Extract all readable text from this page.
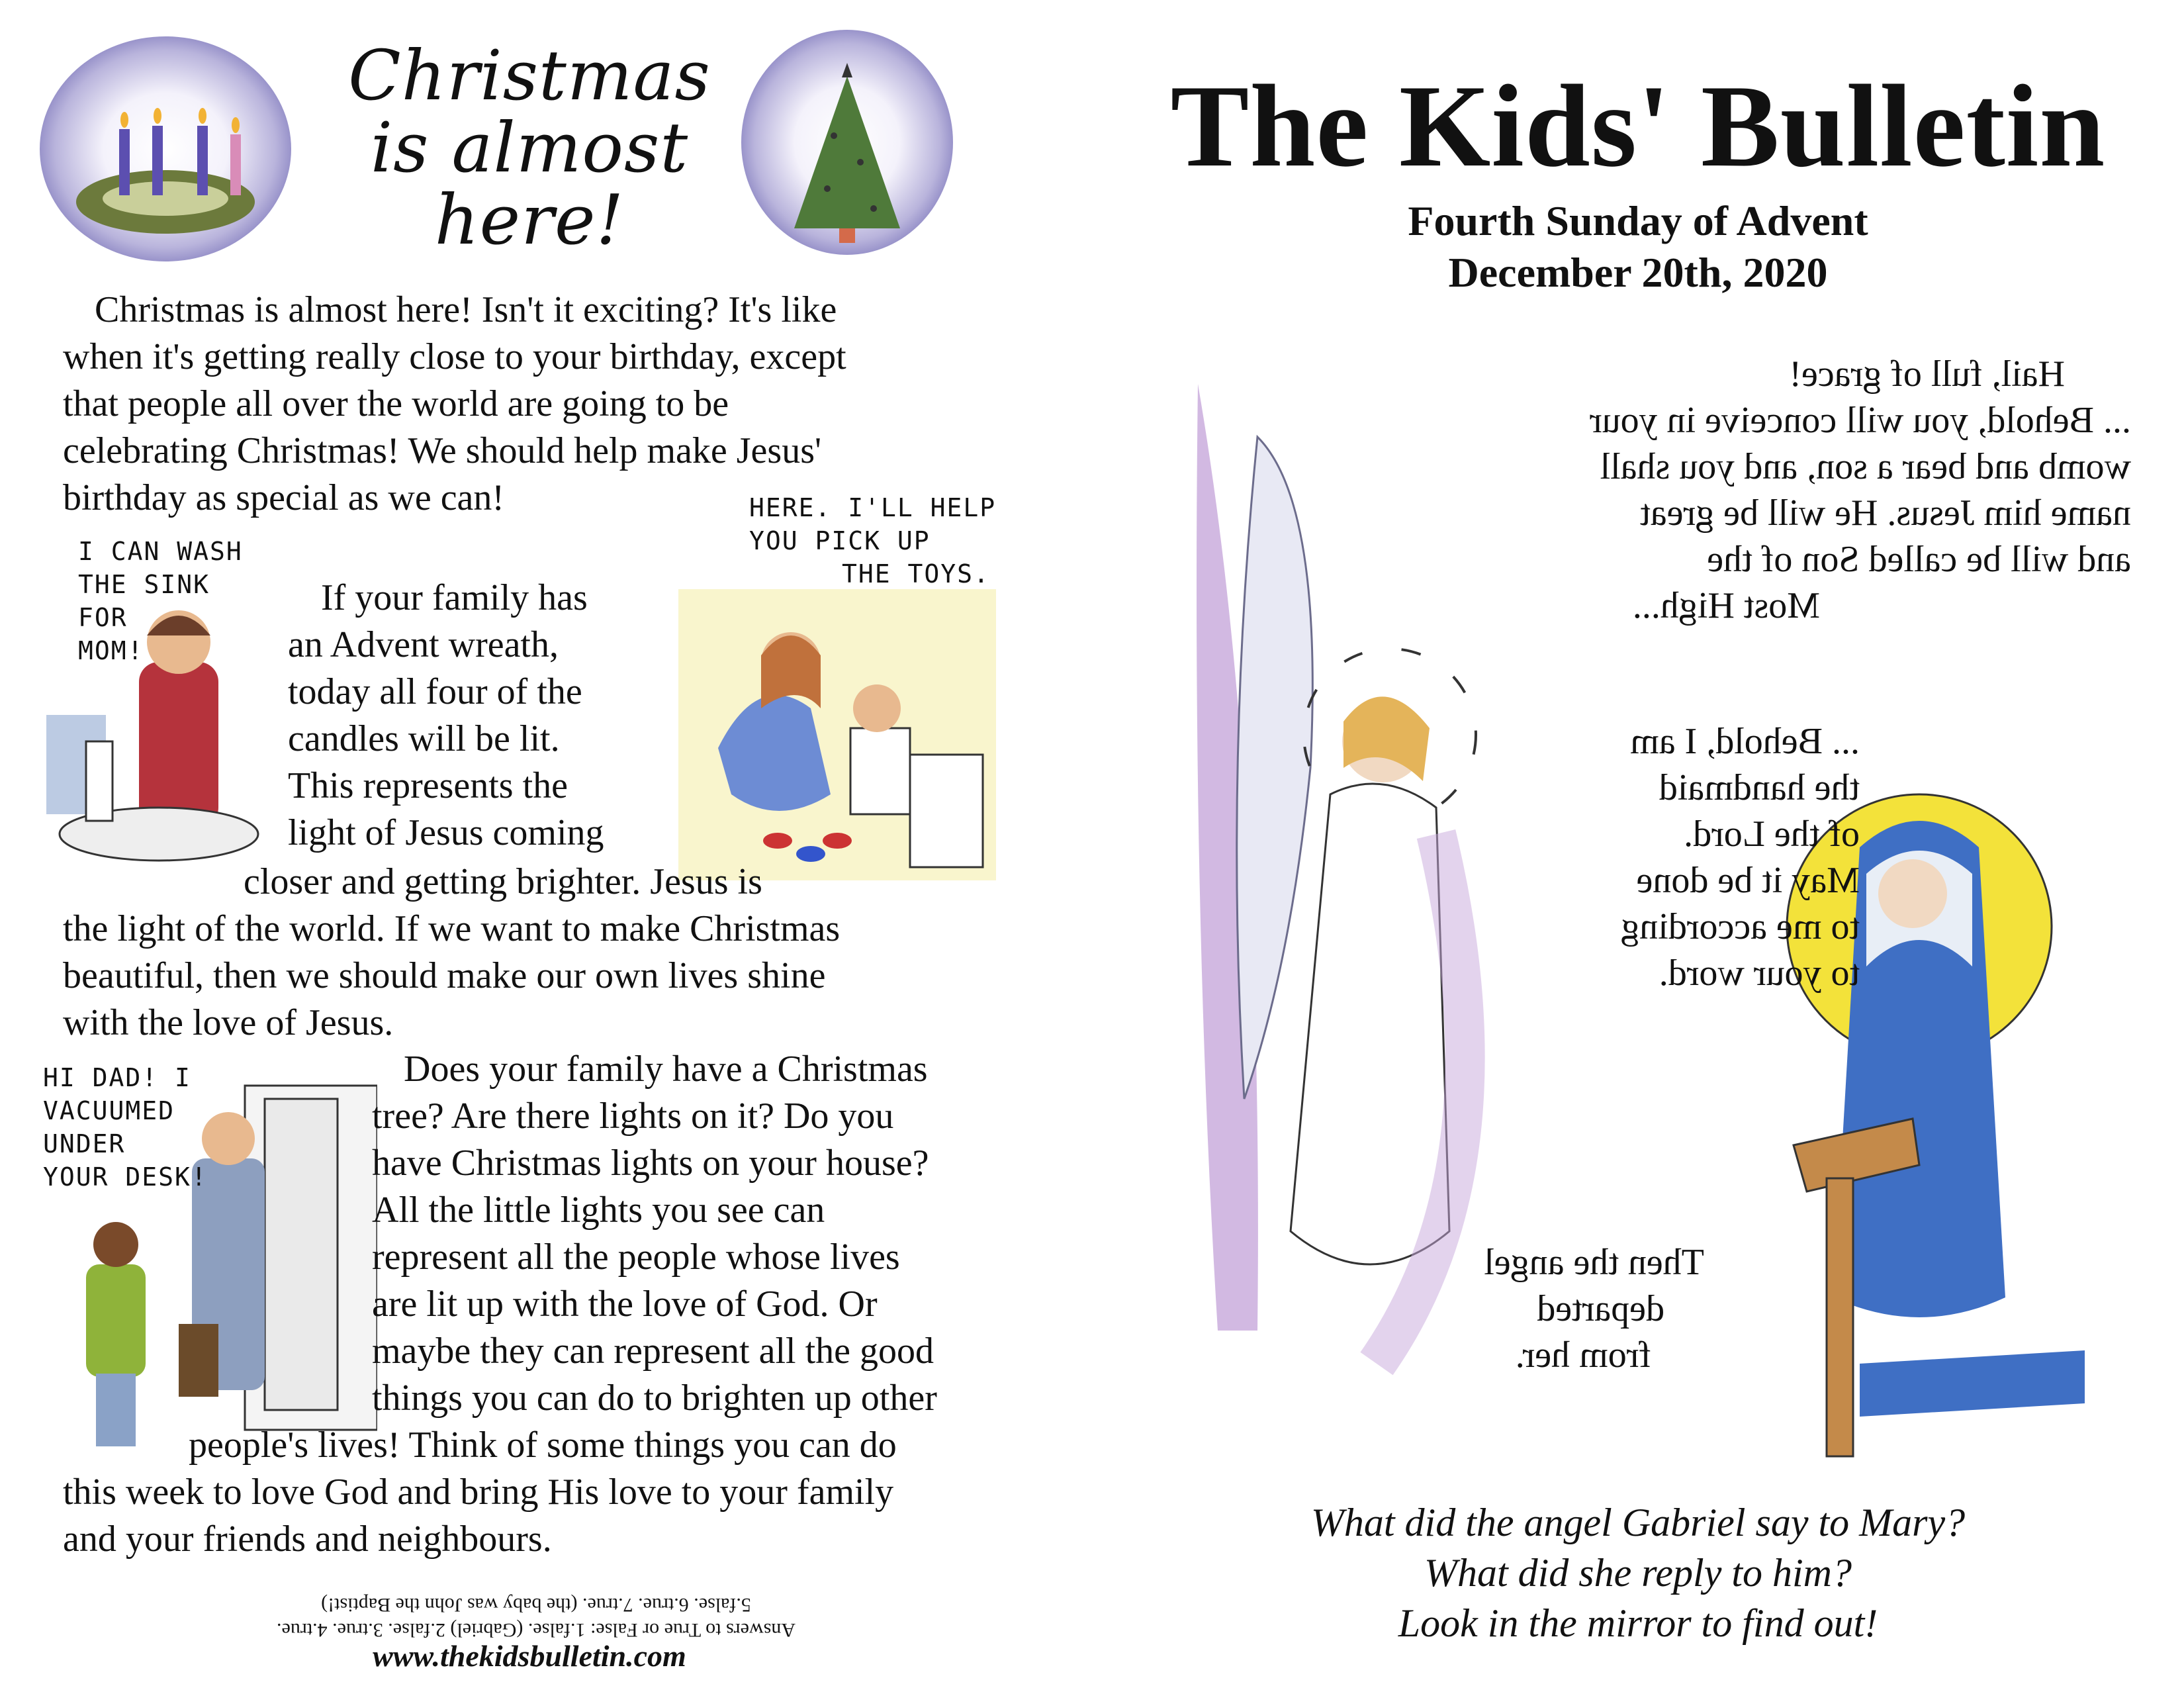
Christmas
is almost
here!
Christmas is almost here! Isn't it exciting? It's like
when it's getting really close to your birthday, except
that people all over the world are going to be
celebrating Christmas! We should help make Jesus'
birthday as special as we can!
I CAN WASH
THE SINK
FOR
MOM!
If your family has
an Advent wreath,
today all four of the
candles will be lit.
This represents the
light of Jesus coming
HERE. I'LL HELP
YOU PICK UP
THE TOYS.
closer and getting brighter. Jesus is
the light of the world. If we want to make Christmas
beautiful, then we should make our own lives shine
with the love of Jesus.
HI DAD! I
VACUUMED
UNDER
YOUR DESK!
Does your family have a Christmas
tree? Are there lights on it? Do you
have Christmas lights on your house?
All the little lights you see can
represent all the people whose lives
are lit up with the love of God. Or
maybe they can represent all the good
things you can do to brighten up other
people's lives! Think of some things you can do
this week to love God and bring His love to your family
and your friends and neighbours.
Answers to True or False: 1.false. (Gabriel) 2.false. 3.true. 4.true.
5.false. 6.true. 7.true. (the baby was John the Baptist!)
www.thekidsbulletin.com
The Kids' Bulletin
Fourth Sunday of Advent
December 20th, 2020
Hail, full of grace!
... Behold, you will conceive in your
womb and bear a son, and you shall
name him Jesus. He will be great
and will be called Son of the
Most High...
... Behold, I am
the handmaid
of the Lord.
May it be done
to me according
to your word.
Then the angel
departed
from her.
What did the angel Gabriel say to Mary?
What did she reply to him?
Look in the mirror to find out!
